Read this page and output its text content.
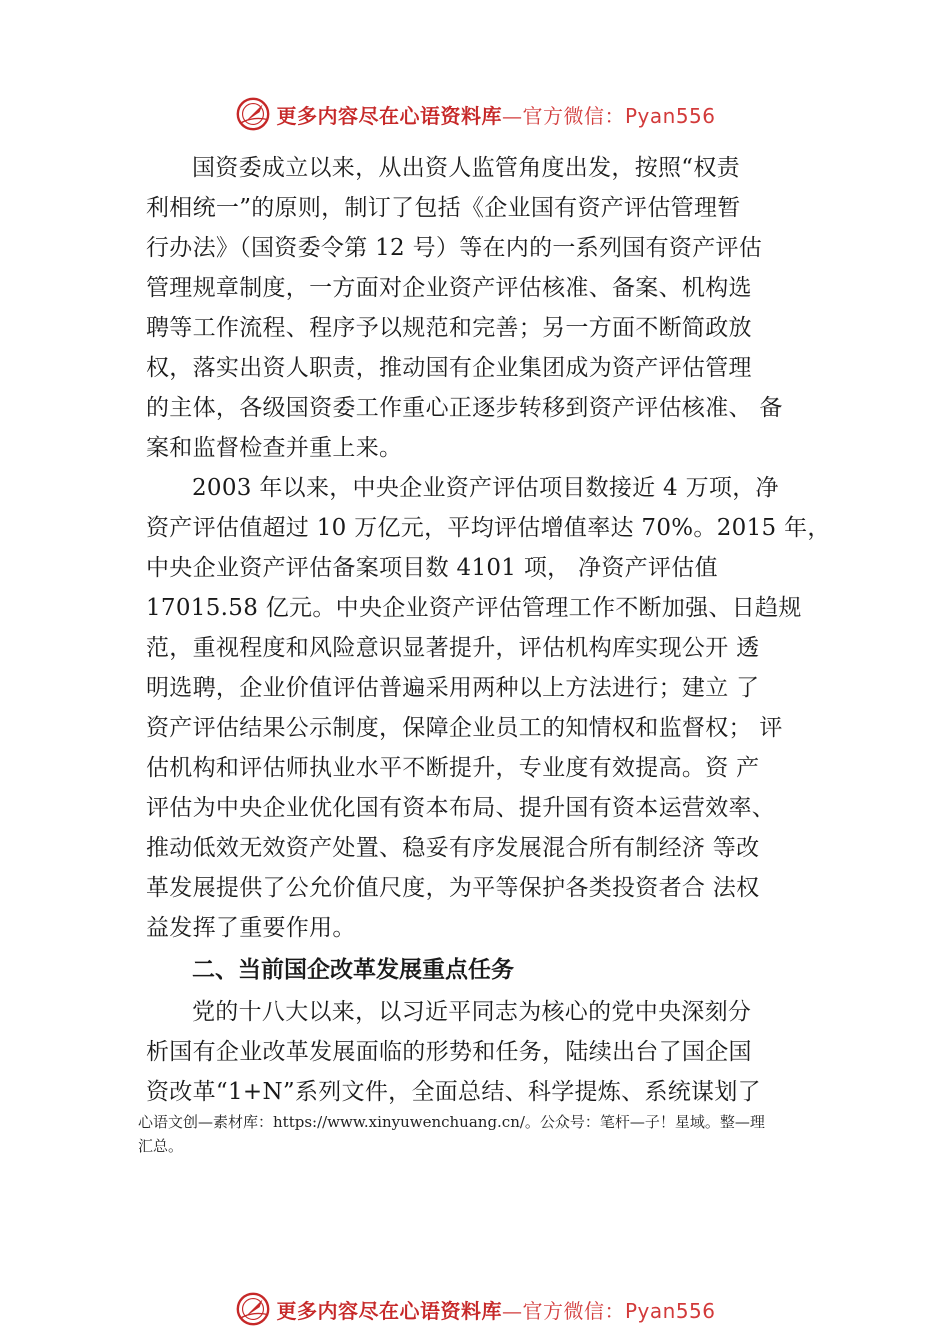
更多内容尽在心语资料库—官方微信：Pyan556

国资委成立以来，从出资人监管角度出发，按照“权责
利相统一”的原则，制订了包括《企业国有资产评估管理暂
行办法》（国资委令第 12 号）等在内的一系列国有资产评估
管理规章制度，一方面对企业资产评估核准、备案、机构选
聘等工作流程、程序予以规范和完善；另一方面不断简政放
权，落实出资人职责，推动国有企业集团成为资产评估管理
的主体，各级国资委工作重心正逐步转移到资产评估核准、 备
案和监督检查并重上来。

2003 年以来，中央企业资产评估项目数接近 4 万项，净
资产评估值超过 10 万亿元，平均评估增值率达 70%。2015 年，
中央企业资产评估备案项目数 4101 项， 净资产评估值
17015.58 亿元。中央企业资产评估管理工作不断加强、日趋规
范，重视程度和风险意识显著提升，评估机构库实现公开 透
明选聘，企业价值评估普遍采用两种以上方法进行；建立 了
资产评估结果公示制度，保障企业员工的知情权和监督权； 评
估机构和评估师执业水平不断提升，专业度有效提高。资 产
评估为中央企业优化国有资本布局、提升国有资本运营效率、
推动低效无效资产处置、稳妥有序发展混合所有制经济 等改
革发展提供了公允价值尺度，为平等保护各类投资者合 法权
益发挥了重要作用。

二、当前国企改革发展重点任务

党的十八大以来，以习近平同志为核心的党中央深刻分
析国有企业改革发展面临的形势和任务，陆续出台了国企国
资改革“1+N”系列文件，全面总结、科学提炼、系统谋划了

心语文创—素材库：https://www.xinyuwenchuang.cn/。公众号：笔杆—子！星域。整—理
汇总。
更多内容尽在心语资料库—官方微信：Pyan556
